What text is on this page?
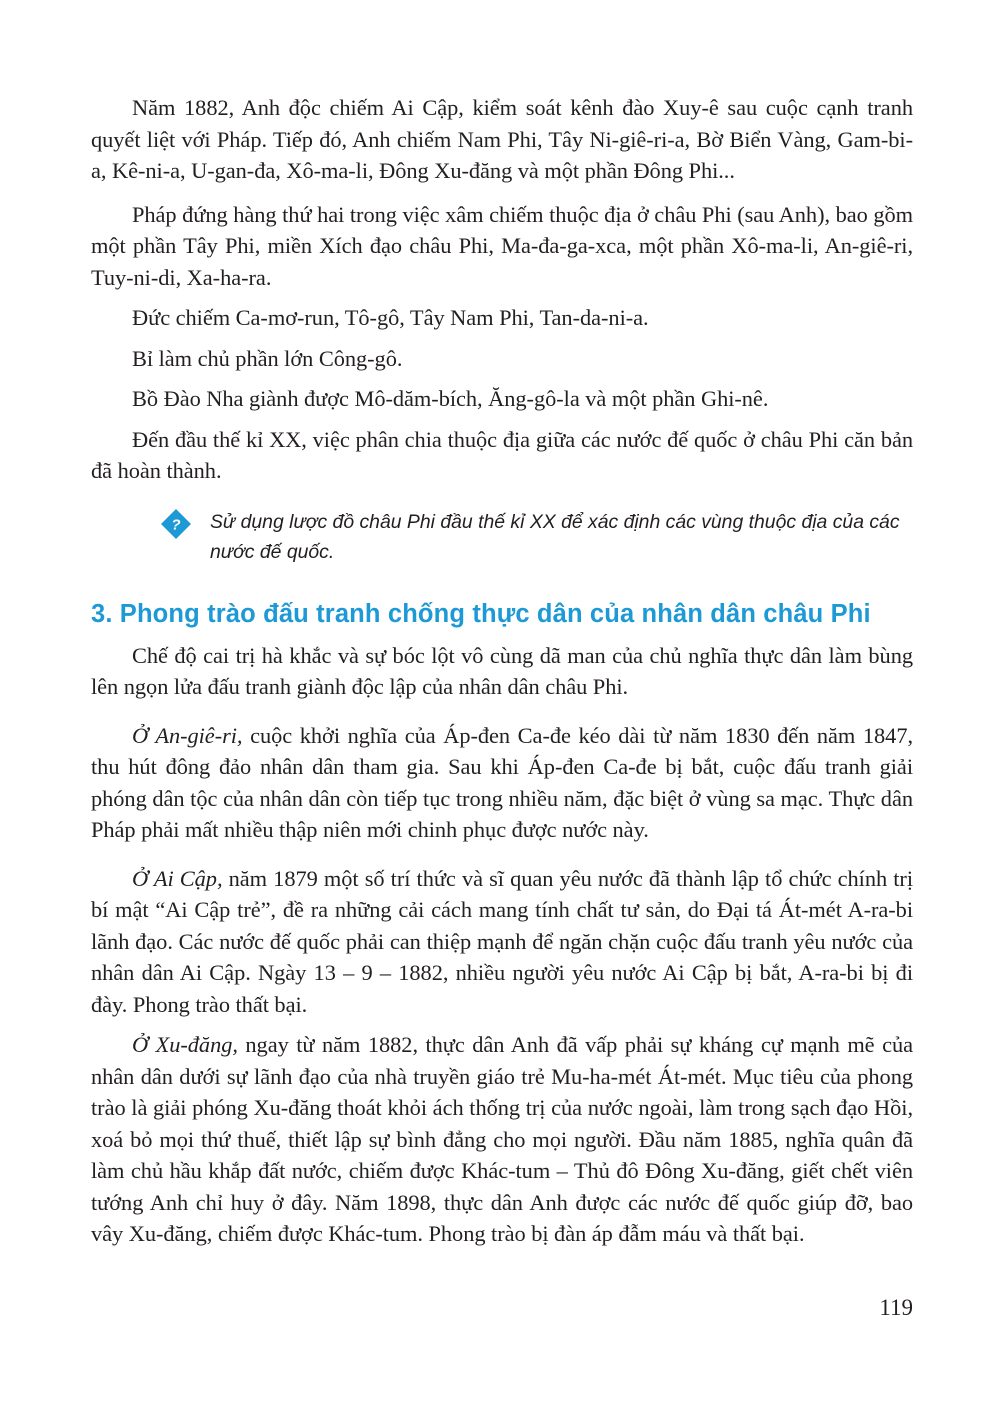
Năm 1882, Anh độc chiếm Ai Cập, kiểm soát kênh đào Xuy-ê sau cuộc cạnh tranh quyết liệt với Pháp. Tiếp đó, Anh chiếm Nam Phi, Tây Ni-giê-ri-a, Bờ Biển Vàng, Gam-bi-a, Kê-ni-a, U-gan-đa, Xô-ma-li, Đông Xu-đăng và một phần Đông Phi...

Pháp đứng hàng thứ hai trong việc xâm chiếm thuộc địa ở châu Phi (sau Anh), bao gồm một phần Tây Phi, miền Xích đạo châu Phi, Ma-đa-ga-xca, một phần Xô-ma-li, An-giê-ri, Tuy-ni-di, Xa-ha-ra.

Đức chiếm Ca-mơ-run, Tô-gô, Tây Nam Phi, Tan-da-ni-a.

Bỉ làm chủ phần lớn Công-gô.

Bồ Đào Nha giành được Mô-dăm-bích, Ăng-gô-la và một phần Ghi-nê.

Đến đầu thế kỉ XX, việc phân chia thuộc địa giữa các nước đế quốc ở châu Phi căn bản đã hoàn thành.

? Sử dụng lược đồ châu Phi đầu thế kỉ XX để xác định các vùng thuộc địa của các nước đế quốc.
3. Phong trào đấu tranh chống thực dân của nhân dân châu Phi

Chế độ cai trị hà khắc và sự bóc lột vô cùng dã man của chủ nghĩa thực dân làm bùng lên ngọn lửa đấu tranh giành độc lập của nhân dân châu Phi.

Ở An-giê-ri, cuộc khởi nghĩa của Áp-đen Ca-đe kéo dài từ năm 1830 đến năm 1847, thu hút đông đảo nhân dân tham gia. Sau khi Áp-đen Ca-đe bị bắt, cuộc đấu tranh giải phóng dân tộc của nhân dân còn tiếp tục trong nhiều năm, đặc biệt ở vùng sa mạc. Thực dân Pháp phải mất nhiều thập niên mới chinh phục được nước này.

Ở Ai Cập, năm 1879 một số trí thức và sĩ quan yêu nước đã thành lập tổ chức chính trị bí mật “Ai Cập trẻ”, đề ra những cải cách mang tính chất tư sản, do Đại tá Át-mét A-ra-bi lãnh đạo. Các nước đế quốc phải can thiệp mạnh để ngăn chặn cuộc đấu tranh yêu nước của nhân dân Ai Cập. Ngày 13 – 9 – 1882, nhiều người yêu nước Ai Cập bị bắt, A-ra-bi bị đi đày. Phong trào thất bại.

Ở Xu-đăng, ngay từ năm 1882, thực dân Anh đã vấp phải sự kháng cự mạnh mẽ của nhân dân dưới sự lãnh đạo của nhà truyền giáo trẻ Mu-ha-mét Át-mét. Mục tiêu của phong trào là giải phóng Xu-đăng thoát khỏi ách thống trị của nước ngoài, làm trong sạch đạo Hồi, xoá bỏ mọi thứ thuế, thiết lập sự bình đẳng cho mọi người. Đầu năm 1885, nghĩa quân đã làm chủ hầu khắp đất nước, chiếm được Khác-tum – Thủ đô Đông Xu-đăng, giết chết viên tướng Anh chỉ huy ở đây. Năm 1898, thực dân Anh được các nước đế quốc giúp đỡ, bao vây Xu-đăng, chiếm được Khác-tum. Phong trào bị đàn áp đẫm máu và thất bại.

119
